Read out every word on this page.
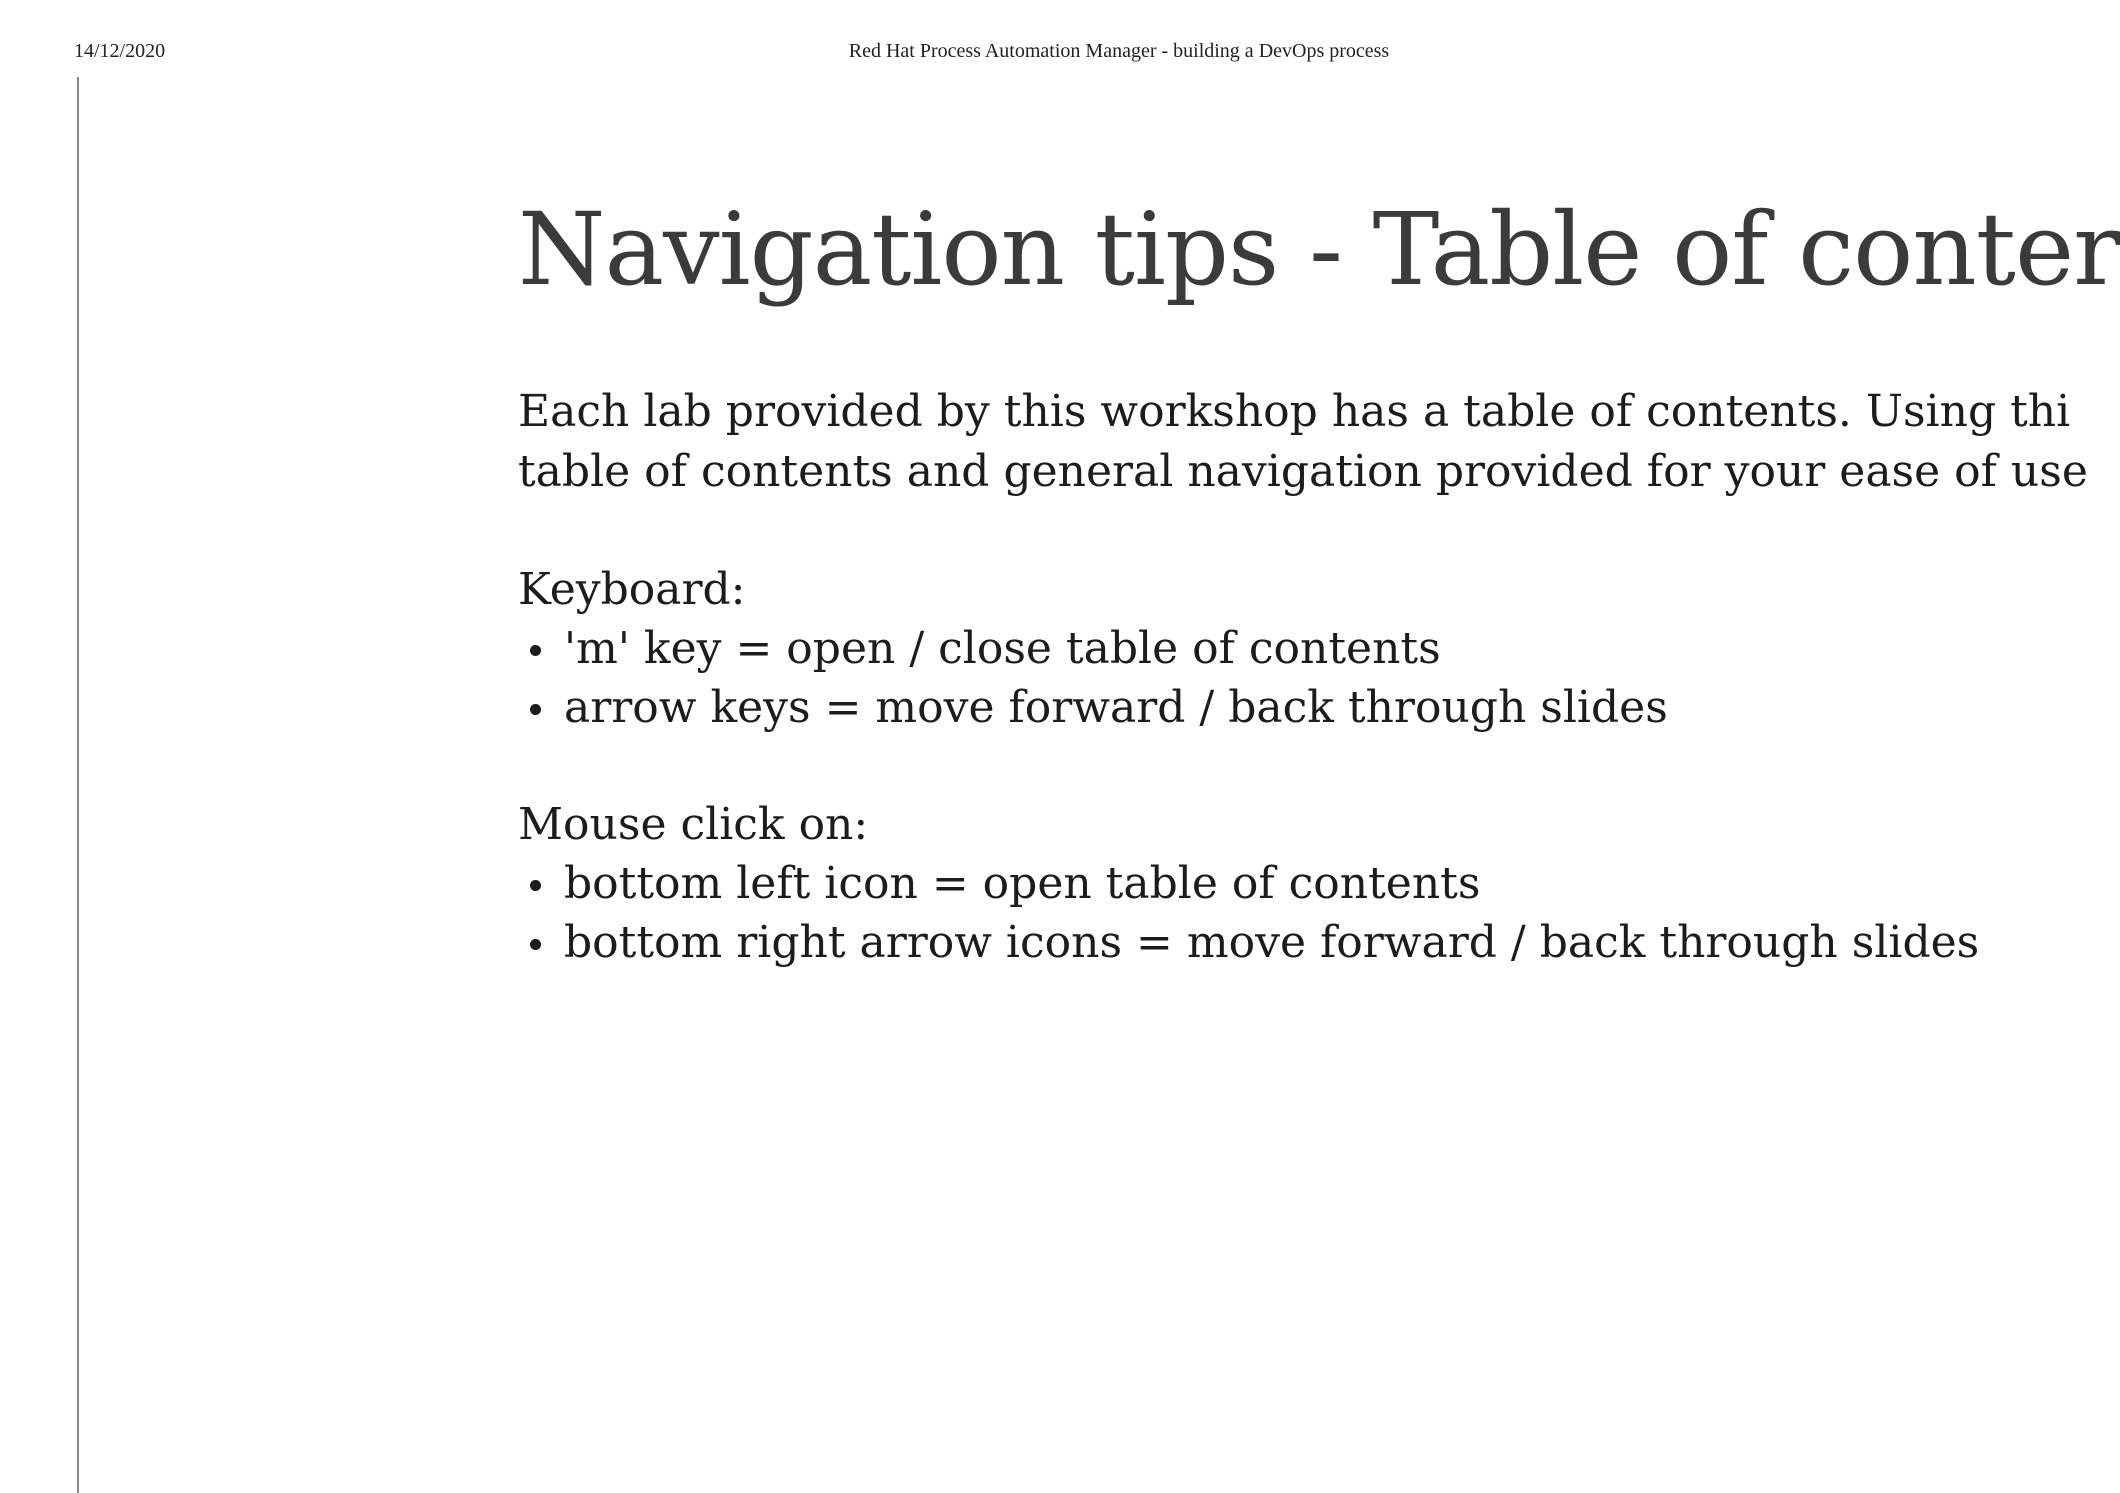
14/12/2020	Red Hat Process Automation Manager - building a DevOps process
Navigation tips - Table of conter

Each lab provided by this workshop has a table of contents. Using thi
table of contents and general navigation provided for your ease of use

Keyboard:

'm' key = open / close table of contents
arrow keys = move forward / back through slides

Mouse click on:

bottom left icon = open table of contents
bottom right arrow icons = move forward / back through slides
